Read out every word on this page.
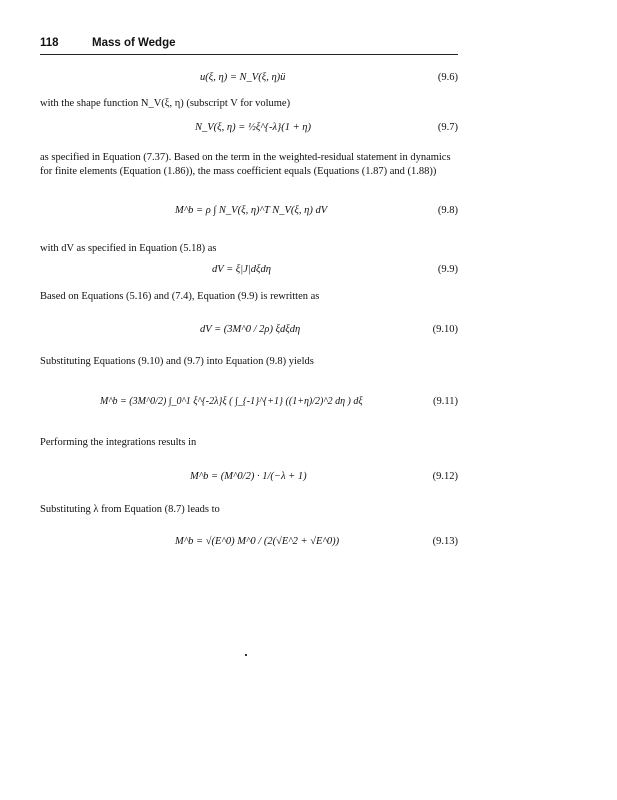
118	Mass of Wedge
u(ξ, η) = N_V(ξ, η)ü	(9.6)
with the shape function N_V(ξ, η) (subscript V for volume)
N_V(ξ, η) = ½ξ^{-λ}(1 + η)	(9.7)
as specified in Equation (7.37). Based on the term in the weighted-residual statement in dynamics for finite elements (Equation (1.86)), the mass coefficient equals (Equations (1.87) and (1.88))
M^b = ρ ∫ N_V(ξ, η)^T N_V(ξ, η) dV	(9.8)
with dV as specified in Equation (5.18) as
dV = ξ|J|dξdη	(9.9)
Based on Equations (5.16) and (7.4), Equation (9.9) is rewritten as
dV = (3M^0 / 2ρ) ξdξdη	(9.10)
Substituting Equations (9.10) and (9.7) into Equation (9.8) yields
M^b = (3M^0/2) ∫_0^1 ξ^{-2λ}ξ ( ∫_{-1}^{+1} ((1+η)/2)^2 dη ) dξ	(9.11)
Performing the integrations results in
M^b = (M^0/2) · 1/(−λ + 1)	(9.12)
Substituting λ from Equation (8.7) leads to
M^b = √(E^0) M^0 / (2(√E^2 + √E^0))	(9.13)
